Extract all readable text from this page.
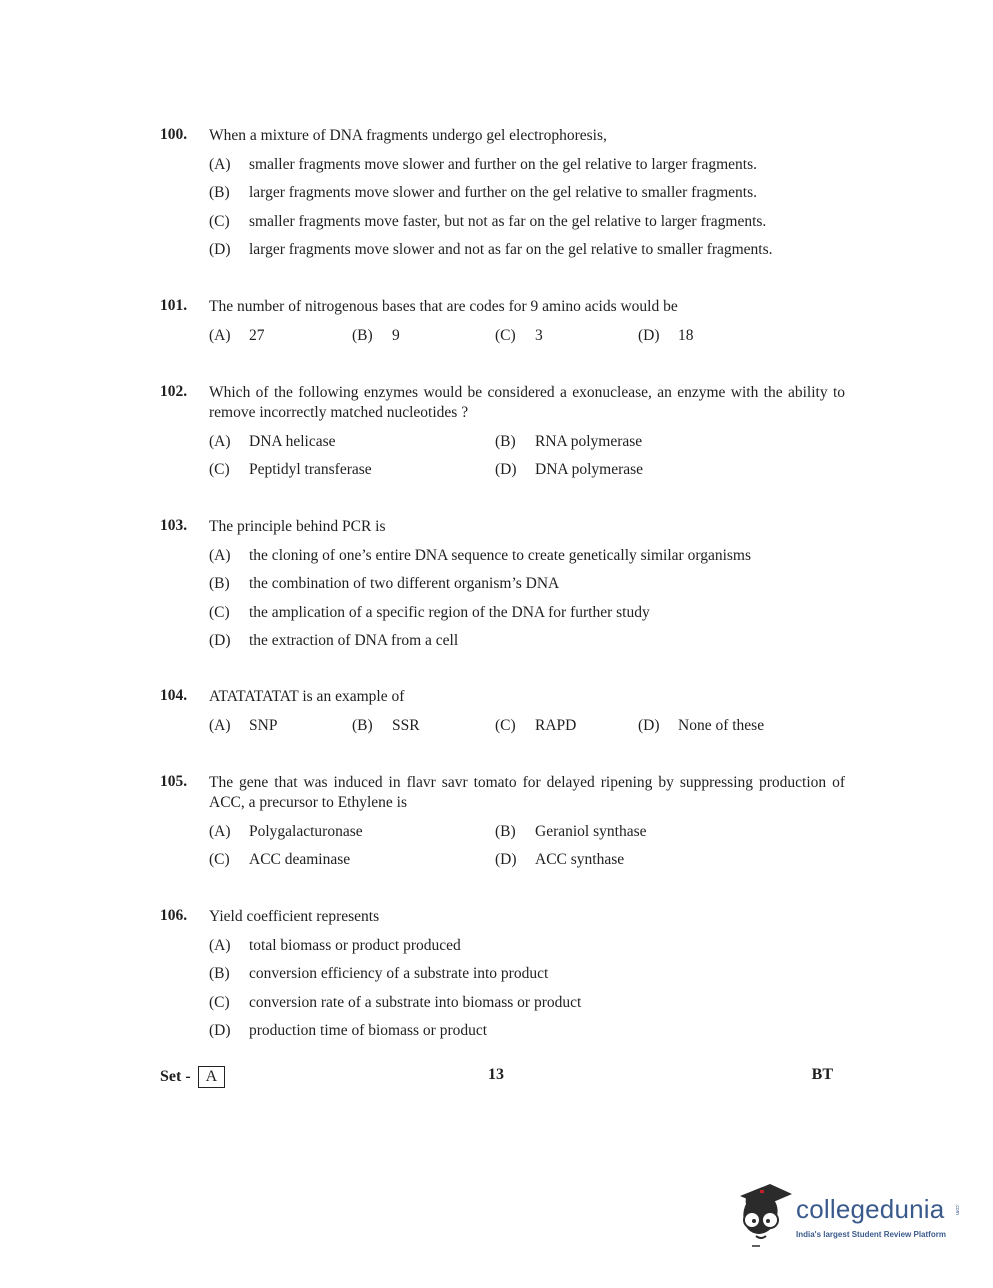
100. When a mixture of DNA fragments undergo gel electrophoresis,
(A)	smaller fragments move slower and further on the gel relative to larger fragments.
(B)	larger fragments move slower and further on the gel relative to smaller fragments.
(C)	smaller fragments move faster, but not as far on the gel relative to larger fragments.
(D)	larger fragments move slower and not as far on the gel relative to smaller fragments.
101. The number of nitrogenous bases that are codes for 9 amino acids would be
(A)	27	(B)	9	(C)	3	(D)	18
102. Which of the following enzymes would be considered a exonuclease, an enzyme with the ability to remove incorrectly matched nucleotides ?
(A)	DNA helicase	(B)	RNA polymerase
(C)	Peptidyl transferase	(D)	DNA polymerase
103. The principle behind PCR is
(A)	the cloning of one’s entire DNA sequence to create genetically similar organisms
(B)	the combination of two different organism’s DNA
(C)	the amplication of a specific region of the DNA for further study
(D)	the extraction of DNA from a cell
104. ATATATATAT is an example of
(A)	SNP	(B)	SSR	(C)	RAPD	(D)	None of these
105. The gene that was induced in flavr savr tomato for delayed ripening by suppressing production of ACC, a precursor to Ethylene is
(A)	Polygalacturonase	(B)	Geraniol synthase
(C)	ACC deaminase	(D)	ACC synthase
106. Yield coefficient represents
(A)	total biomass or product produced
(B)	conversion efficiency of a substrate into product
(C)	conversion rate of a substrate into biomass or product
(D)	production time of biomass or product
Set - A	13	BT
collegedunia .com
India's largest Student Review Platform
